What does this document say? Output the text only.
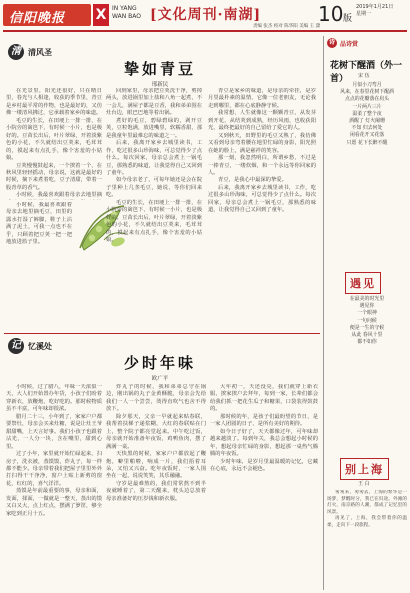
信阳晚报 X IN YANG
WAN BAO [文化周刊·南湖]	10 版
2019年1月21日
星期一
责编 张杰 校对 陈华阳 美编 王 潇
清 清风圣
挚如青豆
邢新民

在光景里，阳光还很好，只在晴日里，春光与人相逢，收获的季节里，青豆是乡村最平常的作物，也是最好的，又仿佛一缕清风拂过，它承载着家乡的味道。

毛豆的生长，在田埂上一排一排，在小院旁的篱笆下，有时候一小片，也是极好的。豆苗长出后，叶片翠绿，开着淡紫色的小花，不久就结出豆荚来，毛茸茸的，摸起来有点扎手，像个害羞的小姑娘。

豆荚慢慢鼓起来，一个挨着一个，在秋风里轻轻摇动，母亲说，这就是最好的时候，摘下来煮着吃，豆子清甜，带着一股青草的香气。

小时候，我最喜欢跟着母亲去地里摘

小时候，我最喜欢跟着母亲去地里摘毛豆，田里的露水打湿了裤脚，鞋子上沾满了泥土，可我一点也不在乎，只顾着把豆荚一把一把地放进篮子里。

回到家里，母亲把豆荚洗干净，剪掉两头，放进锅里加上盐和八角一起煮，不一会儿，满屋子都是豆香，我和弟弟围在灶台边，眼巴巴地等着出锅。

煮好的毛豆，碧绿碧绿的，剥开豆荚，豆粒饱满，放进嘴里，软糯香甜，那是我童年里最难忘的味道之一。

后来，我离开家乡去城里读书，工作，吃过很多山珍海味，可总觉得少了点什么。每次回家，母亲总会煮上一锅毛豆，那熟悉的味道，让我觉得自己又回到了童年。

如今母亲老了，可每年她还是会在院子里种上几垄毛豆，她说，等你们回来吃。

毛豆的生长，在田埂上一排一排，在小院旁的篱笆下，有时候一小片，也是极好的。豆苗长出后，叶片翠绿，开着淡紫色的小花，不久就结出豆荚来，毛茸茸的，摸起来有点扎手，像个害羞的小姑娘。

青豆是家乡的味道，是母亲的牵挂，是岁月里最朴素的温情，它像一位老朋友，无论我走到哪里，都在心底静静守候。

我常想，人生就像这一颗颗青豆，从发芽到开花，从结荚到成熟，经历风雨，也收获阳光，最终把最好的自己留给了爱它的人。

又到秋天，田野里的毛豆又熟了，我仿佛又看到母亲弯着腰在地里忙碌的身影，阳光照在她的脸上，满是慈祥的笑容。

那一刻，我忽然明白，所谓乡愁，不过是一捧青豆，一缕炊烟，和一个永远等你回家的人。

青豆，是我心中最深的挚爱。

后来，我离开家乡去城里读书，工作，吃过很多山珍海味，可总觉得少了点什么。每次回家，母亲总会煮上一锅毛豆，那熟悉的味道，让我觉得自己又回到了童年。

记 忆溪处
少时年味
欧广平

小时候，过了腊八，年味一天浓似一天，大人们开始置办年货，小孩子们盼着穿新衣，放鞭炮，吃好吃的。那时候物质虽不丰富，可年味却很浓。

腊月二十三，小年到了，家家户户都要祭灶，母亲会买来灶糖，说是让灶王爷甜甜嘴，上天言好事。我们小孩子也跟着沾光，一人分一块，含在嘴里，甜到心里。

过了小年，家里就开始忙碌起来，扫房子，洗衣被，蒸馍馍，炸丸子，每一样都不能少。母亲带着我们把屋子里里外外打扫得干干净净，窗户上贴上新剪的窗花，红红的，喜气洋洋。

蒸馍是年前最重要的事，母亲和面，发面，揉面，一做就是一整天，蒸出的馍又白又大，点上红点，摆满了箩筐，够全家吃到正月十五。

炸丸子的时候，我和弟弟总守在锅边，刚出锅的丸子金黄酥脆，母亲会先给我们一人一个尝尝，烫得直吹气也舍不得放下。

除夕那天，父亲一早就起来贴春联，我帮着扶梯子递浆糊，大红的春联贴在门上，整个院子都亮堂起来。中午吃过饭，母亲就开始准备年夜饭，鸡鸭鱼肉，摆了满满一桌。

天快黑的时候，家家户户都放起了鞭炮，噼里啪啦，响成一片，我们捂着耳朵，又怕又兴奋。吃年夜饭时，一家人围坐在一起，说说笑笑，其乐融融。

守岁是最难熬的，我们常常熬不到半夜就睡着了，第二天醒来，枕头边总放着母亲准备好的压岁钱和新衣服。

大年初一，天还没亮，我们就穿上新衣服，挨家挨户去拜年，每到一家，长辈们都会给我们抓一把花生瓜子和糖果，口袋装得鼓鼓的。

那时候的年，是孩子们最盼望的节日，是一家人团圆的日子，是所有美好的期待。

如今日子好了，天天都像过年，可年味却越来越淡了。每到年关，我总会想起小时候的年，想起母亲忙碌的身影，想起那一桌热气腾腾的年夜饭。

少时年味，是岁月里最温暖的记忆，它藏在心底，永远不会褪色。

诗 品诗赏
花树下醒酒（外一首）	宋 伍
月似小刀弯月
风来，在春里花树下醒酒
点点的花瓣落在肩头
一片两片三片
温柔了整个夜
酒醒了 灯火阑珊
不知 归去何处
闲看花开又花落
只愿 花下长醉不醒
遇见
在最美的时光里
遇见你
一个眼神
一句问候
便是一生的守候
从此 春风十里
都不如你
别上海
王 白

匆匆来，匆匆去，上海的繁华是一场梦，梦醒时分，我已在归途。外滩的灯火，南京路的人潮，都成了记忆里的风景。

再见了，上海，我会带着你的温柔，走向下一段旅程。
